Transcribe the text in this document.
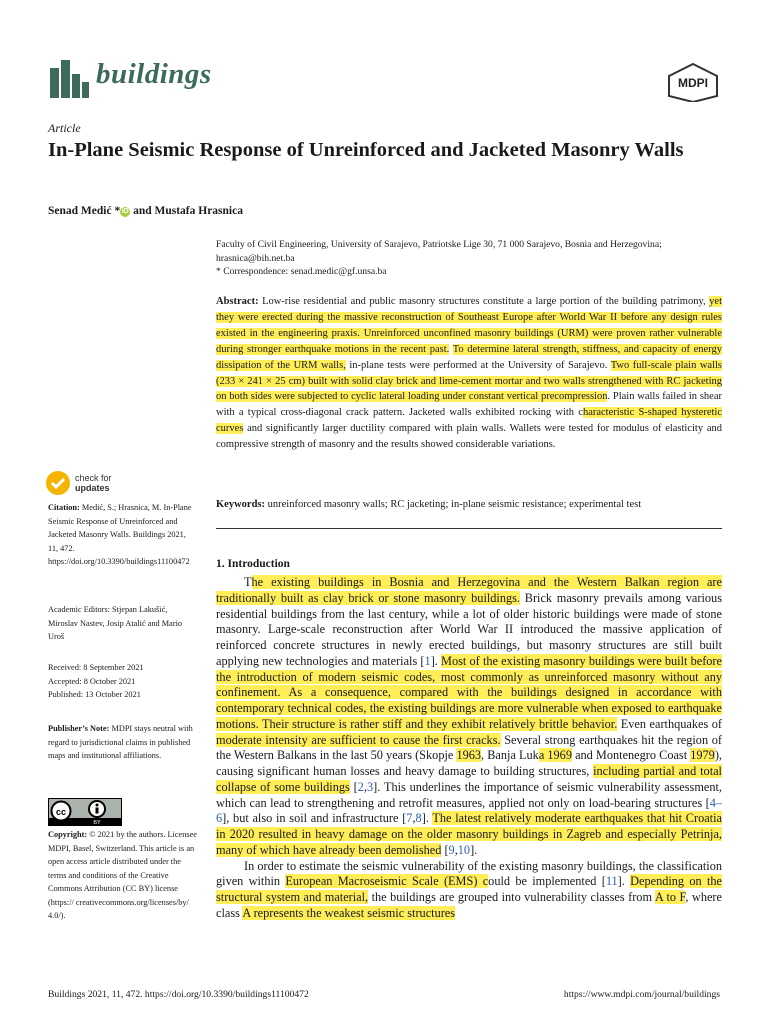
buildings	MDPI
Article
In-Plane Seismic Response of Unreinforced and Jacketed Masonry Walls
Senad Medić * iD and Mustafa Hrasnica
Faculty of Civil Engineering, University of Sarajevo, Patriotske Lige 30, 71 000 Sarajevo, Bosnia and Herzegovina; hrasnica@bih.net.ba
* Correspondence: senad.medic@gf.unsa.ba
Abstract: Low-rise residential and public masonry structures constitute a large portion of the building patrimony, yet they were erected during the massive reconstruction of Southeast Europe after World War II before any design rules existed in the engineering praxis. Unreinforced unconfined masonry buildings (URM) were proven rather vulnerable during stronger earthquake motions in the recent past. To determine lateral strength, stiffness, and capacity of energy dissipation of the URM walls, in-plane tests were performed at the University of Sarajevo. Two full-scale plain walls (233 × 241 × 25 cm) built with solid clay brick and lime-cement mortar and two walls strengthened with RC jacketing on both sides were subjected to cyclic lateral loading under constant vertical precompression. Plain walls failed in shear with a typical cross-diagonal crack pattern. Jacketed walls exhibited rocking with characteristic S-shaped hysteretic curves and significantly larger ductility compared with plain walls. Wallets were tested for modulus of elasticity and compressive strength of masonry and the results showed considerable variations.
Keywords: unreinforced masonry walls; RC jacketing; in-plane seismic resistance; experimental test
check for
updates
Citation: Medić, S.; Hrasnica, M. In-Plane Seismic Response of Unreinforced and Jacketed Masonry Walls. Buildings 2021, 11, 472. https://doi.org/10.3390/buildings11100472
Academic Editors: Stjepan Lakušić, Miroslav Nastev, Josip Atalić and Mario Uroš
Received: 8 September 2021
Accepted: 8 October 2021
Published: 13 October 2021
Publisher’s Note: MDPI stays neutral with regard to jurisdictional claims in published maps and institutional affiliations.
cc
BY
Copyright: © 2021 by the authors. Licensee MDPI, Basel, Switzerland. This article is an open access article distributed under the terms and conditions of the Creative Commons Attribution (CC BY) license (https:// creativecommons.org/licenses/by/ 4.0/).
1. Introduction

The existing buildings in Bosnia and Herzegovina and the Western Balkan region are traditionally built as clay brick or stone masonry buildings. Brick masonry prevails among various residential buildings from the last century, while a lot of older historic buildings were made of stone masonry. Large-scale reconstruction after World War II introduced the massive application of reinforced concrete structures in newly erected buildings, but masonry structures are still built applying new technologies and materials [1]. Most of the existing masonry buildings were built before the introduction of modern seismic codes, most commonly as unreinforced masonry without any confinement. As a consequence, compared with the buildings designed in accordance with contemporary technical codes, the existing buildings are more vulnerable when exposed to earthquake motions. Their structure is rather stiff and they exhibit relatively brittle behavior. Even earthquakes of moderate intensity are sufficient to cause the first cracks. Several strong earthquakes hit the region of the Western Balkans in the last 50 years (Skopje 1963, Banja Luka 1969 and Montenegro Coast 1979), causing significant human losses and heavy damage to building structures, including partial and total collapse of some buildings [2,3]. This underlines the importance of seismic vulnerability assessment, which can lead to strengthening and retrofit measures, applied not only on load-bearing structures [4–6], but also in soil and infrastructure [7,8]. The latest relatively moderate earthquakes that hit Croatia in 2020 resulted in heavy damage on the older masonry buildings in Zagreb and especially Petrinja, many of which have already been demolished [9,10].

In order to estimate the seismic vulnerability of the existing masonry buildings, the classification given within European Macroseismic Scale (EMS) could be implemented [11]. Depending on the structural system and material, the buildings are grouped into vulnerability classes from A to F, where class A represents the weakest seismic structures

Buildings 2021, 11, 472. https://doi.org/10.3390/buildings11100472	https://www.mdpi.com/journal/buildings
